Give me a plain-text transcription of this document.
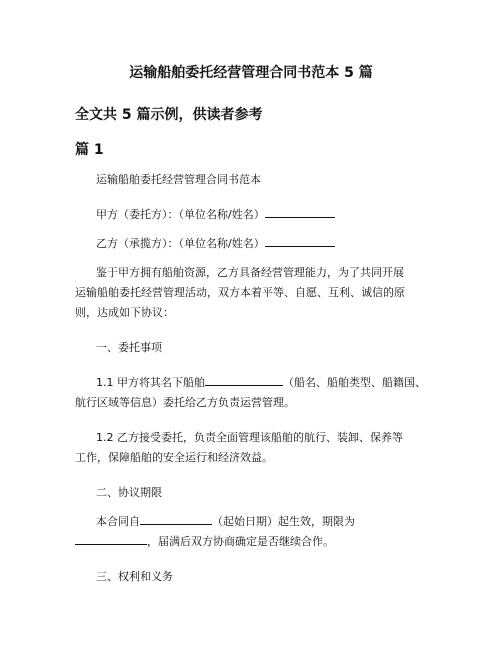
运输船舶委托经营管理合同书范本 5 篇
全文共 5 篇示例，供读者参考
篇 1
运输船舶委托经营管理合同书范本
甲方（委托方）：（单位名称/姓名）
乙方（承揽方）：（单位名称/姓名）
鉴于甲方拥有船舶资源，乙方具备经营管理能力，为了共同开展
运输船舶委托经营管理活动，双方本着平等、自愿、互利、诚信的原
则，达成如下协议：
一、委托事项
1.1 甲方将其名下船舶	（船名、船舶类型、船籍国、
航行区域等信息）委托给乙方负责运营管理。
1.2 乙方接受委托，负责全面管理该船舶的航行、装卸、保养等
工作，保障船舶的安全运行和经济效益。
二、协议期限
本合同自	（起始日期）起生效，期限为
，届满后双方协商确定是否继续合作。
三、权利和义务
